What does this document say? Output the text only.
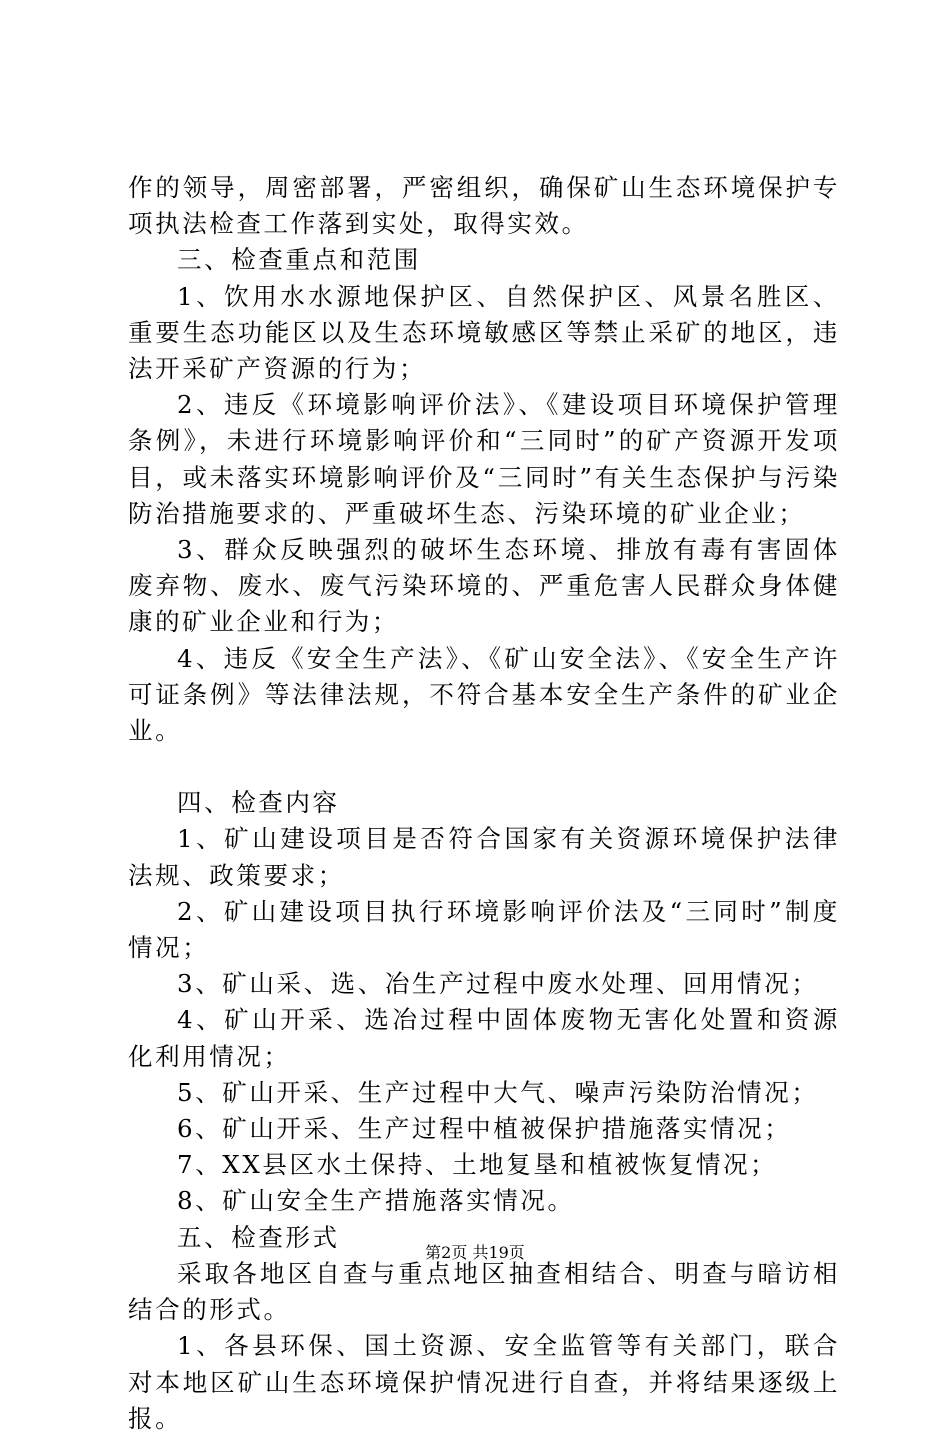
作的领导，周密部署，严密组织，确保矿山生态环境保护专项执法检查工作落到实处，取得实效。

三、检查重点和范围

1、饮用水水源地保护区、自然保护区、风景名胜区、重要生态功能区以及生态环境敏感区等禁止采矿的地区，违法开采矿产资源的行为；

2、违反《环境影响评价法》、《建设项目环境保护管理条例》，未进行环境影响评价和“三同时”的矿产资源开发项目，或未落实环境影响评价及“三同时”有关生态保护与污染防治措施要求的、严重破坏生态、污染环境的矿业企业；

3、群众反映强烈的破坏生态环境、排放有毒有害固体废弃物、废水、废气污染环境的、严重危害人民群众身体健康的矿业企业和行为；

4、违反《安全生产法》、《矿山安全法》、《安全生产许可证条例》等法律法规，不符合基本安全生产条件的矿业企业。

四、检查内容

1、矿山建设项目是否符合国家有关资源环境保护法律法规、政策要求；

2、矿山建设项目执行环境影响评价法及“三同时”制度情况；

3、矿山采、选、冶生产过程中废水处理、回用情况；

4、矿山开采、选冶过程中固体废物无害化处置和资源化利用情况；

5、矿山开采、生产过程中大气、噪声污染防治情况；

6、矿山开采、生产过程中植被保护措施落实情况；

7、XX县区水土保持、土地复垦和植被恢复情况；

8、矿山安全生产措施落实情况。

五、检查形式

采取各地区自查与重点地区抽查相结合、明查与暗访相结合的形式。

1、各县环保、国土资源、安全监管等有关部门，联合对本地区矿山生态环境保护情况进行自查，并将结果逐级上报。

第2页 共19页
